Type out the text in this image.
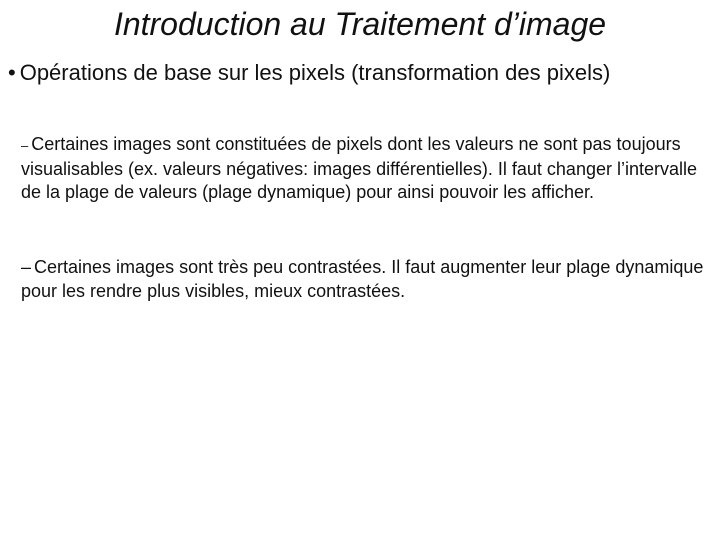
Introduction au Traitement d’image
• Opérations de base sur les pixels (transformation des pixels)
– Certaines images sont constituées de pixels dont les valeurs ne sont pas toujours visualisables (ex. valeurs négatives: images différentielles). Il faut changer l’intervalle de la plage de valeurs (plage dynamique) pour ainsi pouvoir les afficher.
– Certaines images sont très peu contrastées. Il faut augmenter leur plage dynamique pour les rendre plus visibles, mieux contrastées.
